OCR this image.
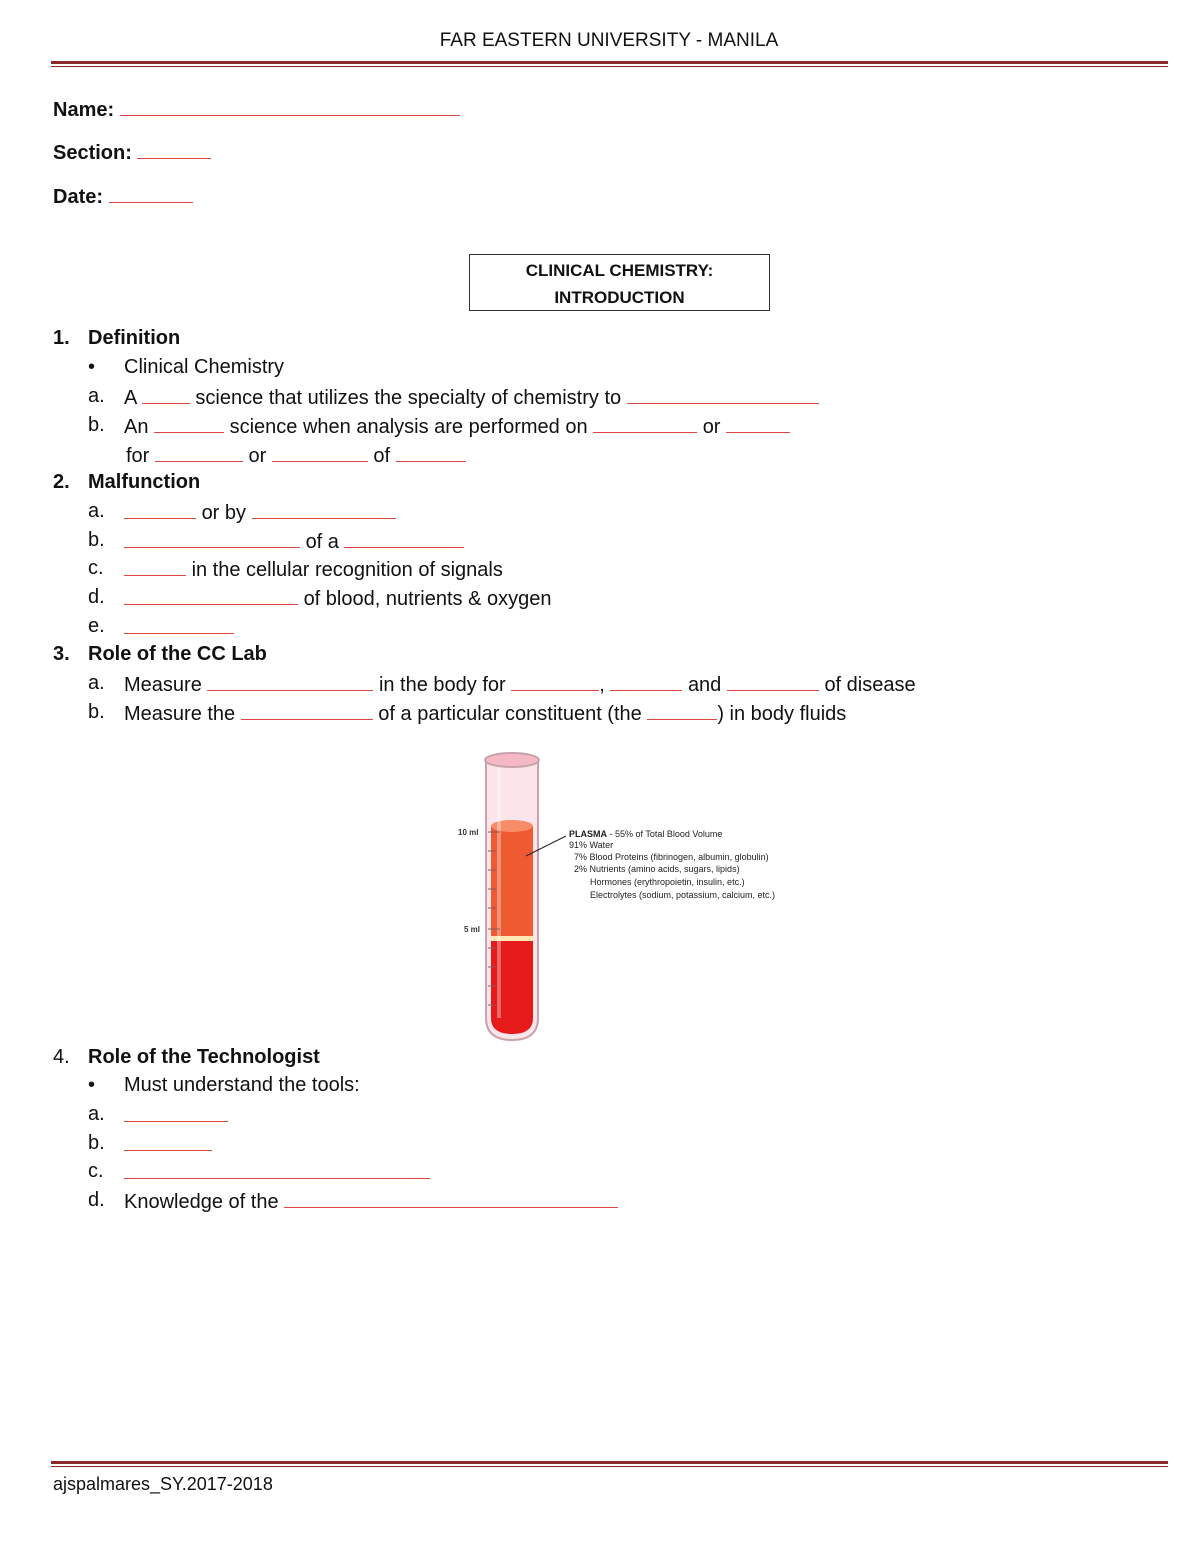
FAR EASTERN UNIVERSITY - MANILA
Name:
Section:
Date:
CLINICAL CHEMISTRY:
INTRODUCTION
1. Definition
• Clinical Chemistry
a. A	science that utilizes the specialty of chemistry to
b. An	science when analysis are performed on	or
for	or	of
2. Malfunction
a.	or by
b.	of a
c.	in the cellular recognition of signals
d.	of blood, nutrients & oxygen
e.
3. Role of the CC Lab
a. Measure	in the body for	,	and	of disease
b. Measure the	of a particular constituent (the	) in body fluids
10 ml
5 ml
PLASMA - 55% of Total Blood Volume
91% Water
7% Blood Proteins (fibrinogen, albumin, globulin)
2% Nutrients (amino acids, sugars, lipids)
Hormones (erythropoietin, insulin, etc.)
Electrolytes (sodium, potassium, calcium, etc.)
4. Role of the Technologist
• Must understand the tools:
a.
b.
c.
d. Knowledge of the
ajspalmares_SY.2017-2018
